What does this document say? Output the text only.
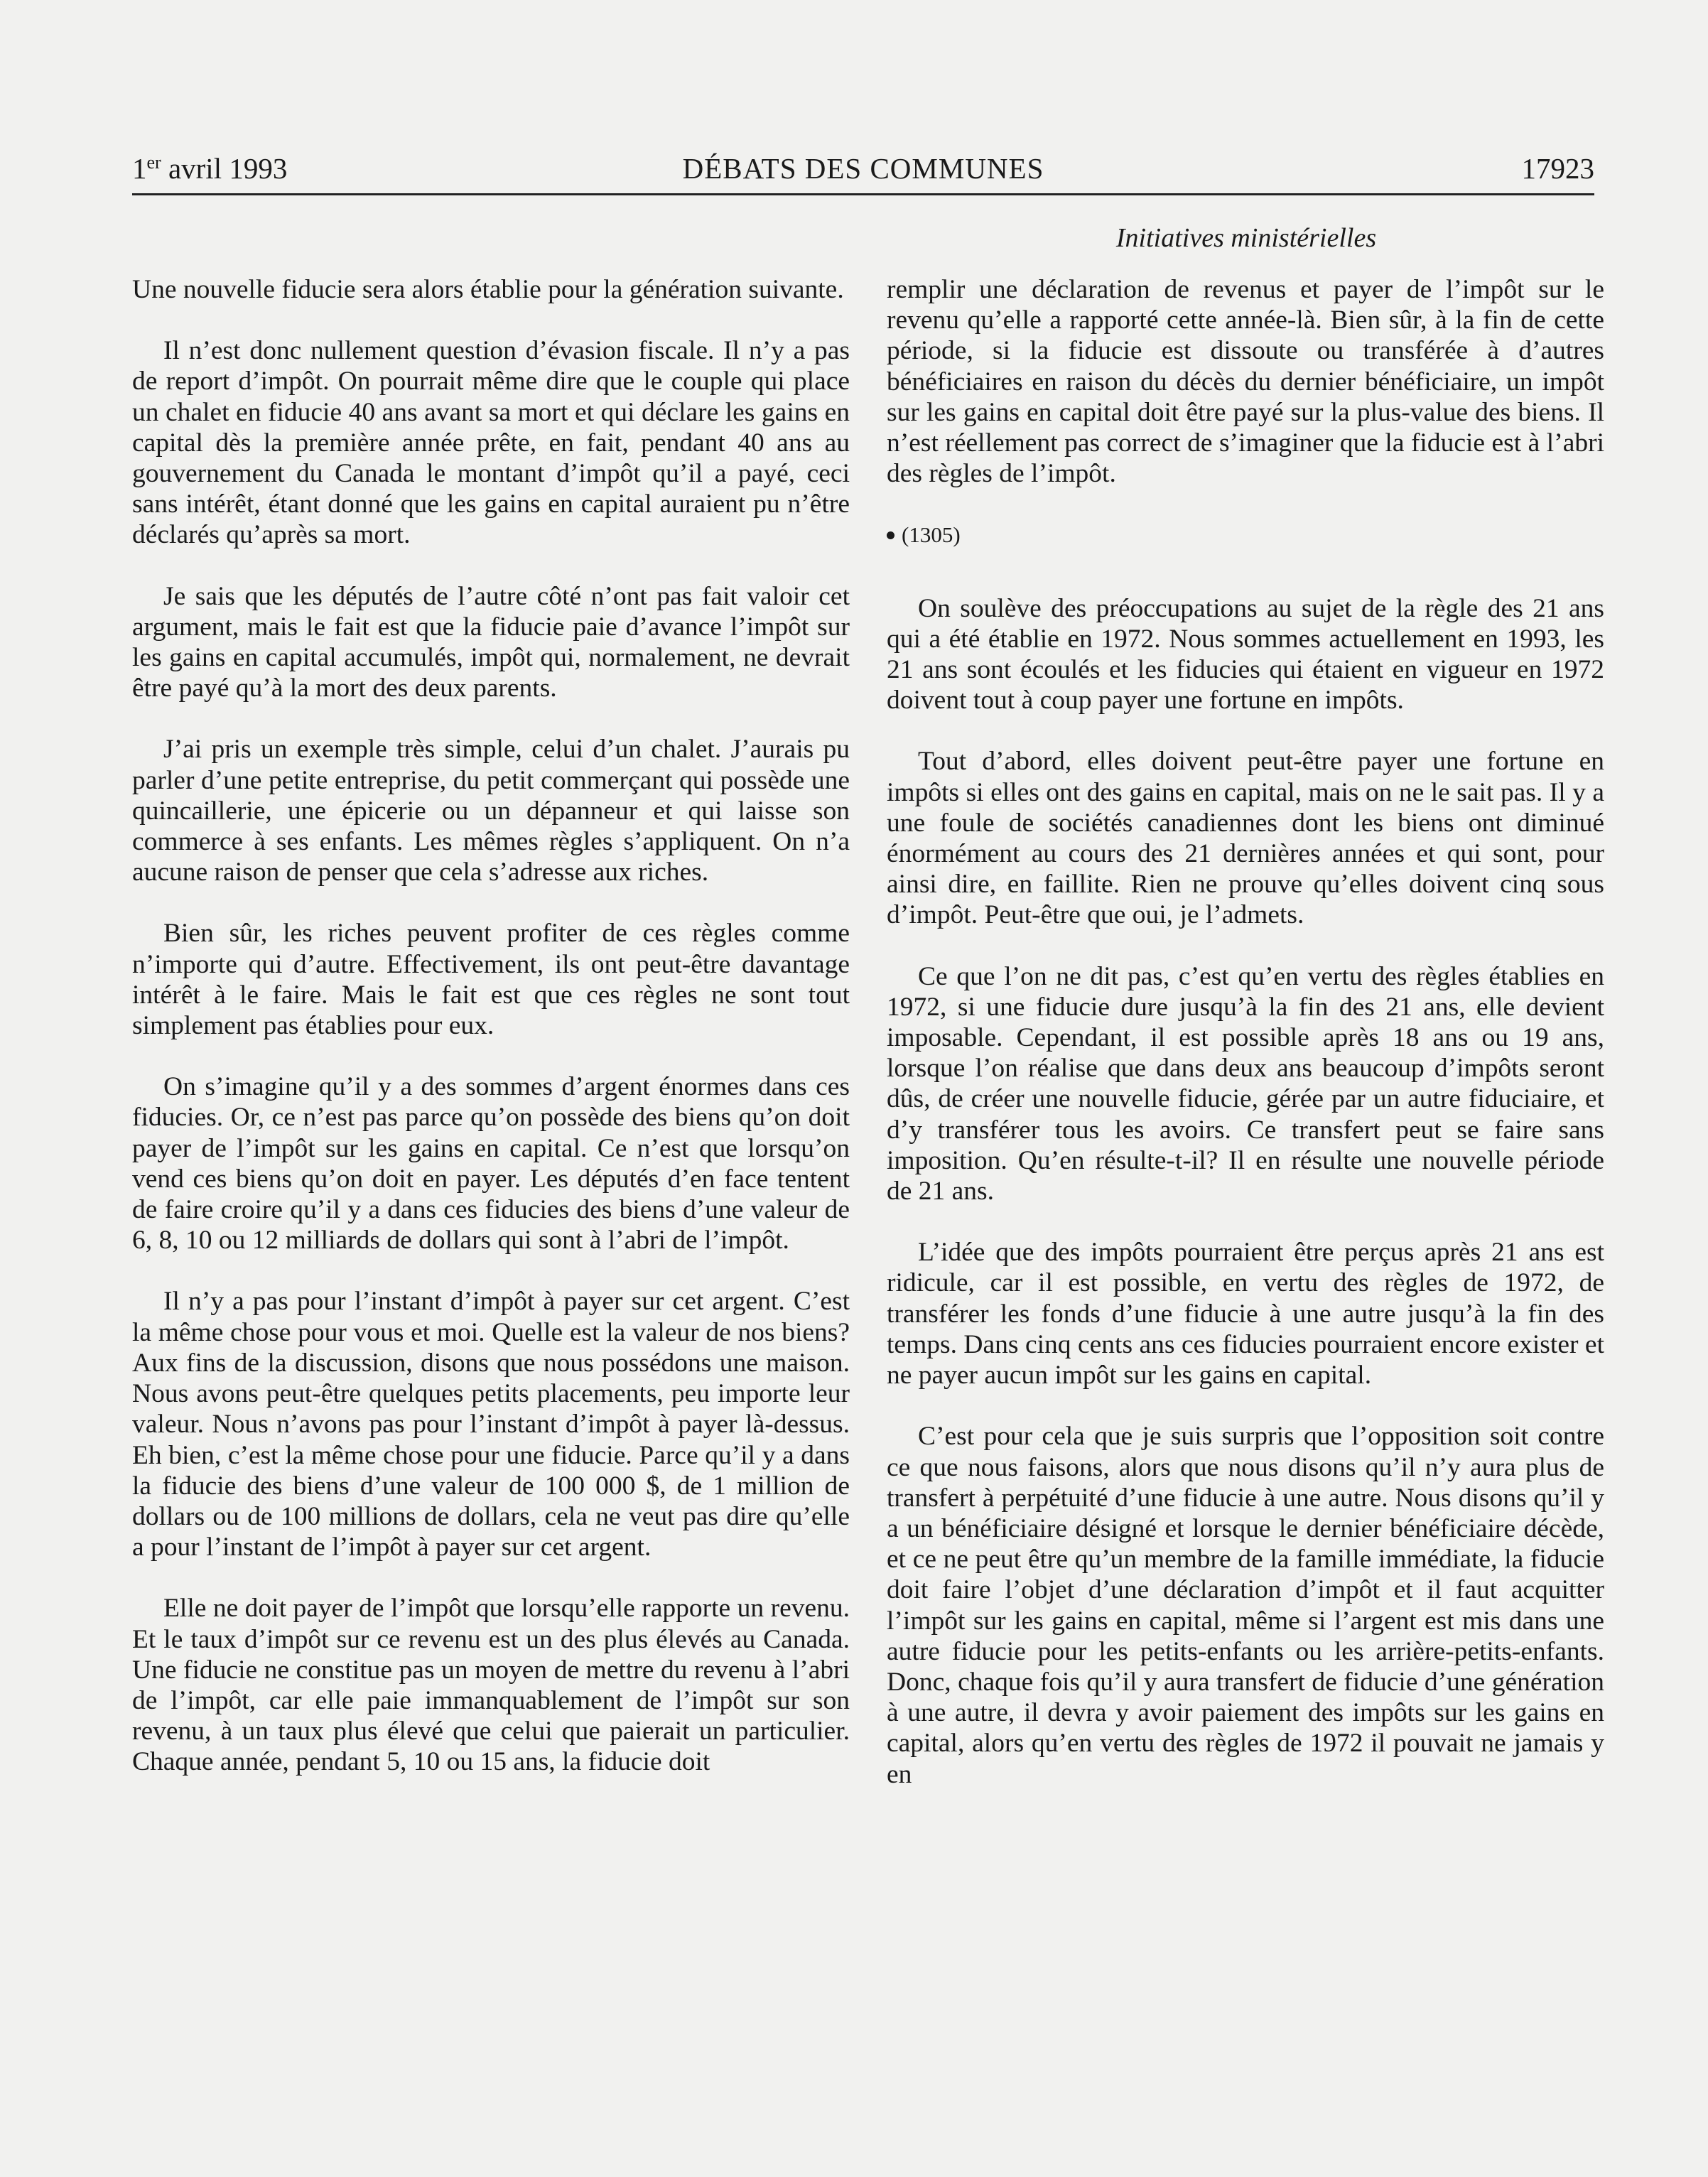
1er avril 1993	DÉBATS DES COMMUNES	17923
Initiatives ministérielles

Une nouvelle fiducie sera alors établie pour la génération suivante.

Il n’est donc nullement question d’évasion fiscale. Il n’y a pas de report d’impôt. On pourrait même dire que le couple qui place un chalet en fiducie 40 ans avant sa mort et qui déclare les gains en capital dès la première année prête, en fait, pendant 40 ans au gouvernement du Canada le montant d’impôt qu’il a payé, ceci sans intérêt, étant donné que les gains en capital auraient pu n’être déclarés qu’après sa mort.

Je sais que les députés de l’autre côté n’ont pas fait valoir cet argument, mais le fait est que la fiducie paie d’avance l’impôt sur les gains en capital accumulés, impôt qui, normalement, ne devrait être payé qu’à la mort des deux parents.

J’ai pris un exemple très simple, celui d’un chalet. J’aurais pu parler d’une petite entreprise, du petit commerçant qui possède une quincaillerie, une épicerie ou un dépanneur et qui laisse son commerce à ses enfants. Les mêmes règles s’appliquent. On n’a aucune raison de penser que cela s’adresse aux riches.

Bien sûr, les riches peuvent profiter de ces règles comme n’importe qui d’autre. Effectivement, ils ont peut-être davantage intérêt à le faire. Mais le fait est que ces règles ne sont tout simplement pas établies pour eux.

On s’imagine qu’il y a des sommes d’argent énormes dans ces fiducies. Or, ce n’est pas parce qu’on possède des biens qu’on doit payer de l’impôt sur les gains en capital. Ce n’est que lorsqu’on vend ces biens qu’on doit en payer. Les députés d’en face tentent de faire croire qu’il y a dans ces fiducies des biens d’une valeur de 6, 8, 10 ou 12 milliards de dollars qui sont à l’abri de l’impôt.

Il n’y a pas pour l’instant d’impôt à payer sur cet argent. C’est la même chose pour vous et moi. Quelle est la valeur de nos biens? Aux fins de la discussion, disons que nous possédons une maison. Nous avons peut-être quelques petits placements, peu importe leur valeur. Nous n’avons pas pour l’instant d’impôt à payer là-dessus. Eh bien, c’est la même chose pour une fiducie. Parce qu’il y a dans la fiducie des biens d’une valeur de 100 000 $, de 1 million de dollars ou de 100 millions de dollars, cela ne veut pas dire qu’elle a pour l’instant de l’impôt à payer sur cet argent.

Elle ne doit payer de l’impôt que lorsqu’elle rapporte un revenu. Et le taux d’impôt sur ce revenu est un des plus élevés au Canada. Une fiducie ne constitue pas un moyen de mettre du revenu à l’abri de l’impôt, car elle paie immanquablement de l’impôt sur son revenu, à un taux plus élevé que celui que paierait un particulier. Chaque année, pendant 5, 10 ou 15 ans, la fiducie doit

remplir une déclaration de revenus et payer de l’impôt sur le revenu qu’elle a rapporté cette année-là. Bien sûr, à la fin de cette période, si la fiducie est dissoute ou transférée à d’autres bénéficiaires en raison du décès du dernier bénéficiaire, un impôt sur les gains en capital doit être payé sur la plus-value des biens. Il n’est réellement pas correct de s’imaginer que la fiducie est à l’abri des règles de l’impôt.

(1305)

On soulève des préoccupations au sujet de la règle des 21 ans qui a été établie en 1972. Nous sommes actuellement en 1993, les 21 ans sont écoulés et les fiducies qui étaient en vigueur en 1972 doivent tout à coup payer une fortune en impôts.

Tout d’abord, elles doivent peut-être payer une fortune en impôts si elles ont des gains en capital, mais on ne le sait pas. Il y a une foule de sociétés canadiennes dont les biens ont diminué énormément au cours des 21 dernières années et qui sont, pour ainsi dire, en faillite. Rien ne prouve qu’elles doivent cinq sous d’impôt. Peut-être que oui, je l’admets.

Ce que l’on ne dit pas, c’est qu’en vertu des règles établies en 1972, si une fiducie dure jusqu’à la fin des 21 ans, elle devient imposable. Cependant, il est possible après 18 ans ou 19 ans, lorsque l’on réalise que dans deux ans beaucoup d’impôts seront dûs, de créer une nouvelle fiducie, gérée par un autre fiduciaire, et d’y transférer tous les avoirs. Ce transfert peut se faire sans imposition. Qu’en résulte-t-il? Il en résulte une nouvelle période de 21 ans.

L’idée que des impôts pourraient être perçus après 21 ans est ridicule, car il est possible, en vertu des règles de 1972, de transférer les fonds d’une fiducie à une autre jusqu’à la fin des temps. Dans cinq cents ans ces fiducies pourraient encore exister et ne payer aucun impôt sur les gains en capital.

C’est pour cela que je suis surpris que l’opposition soit contre ce que nous faisons, alors que nous disons qu’il n’y aura plus de transfert à perpétuité d’une fiducie à une autre. Nous disons qu’il y a un bénéficiaire désigné et lorsque le dernier bénéficiaire décède, et ce ne peut être qu’un membre de la famille immédiate, la fiducie doit faire l’objet d’une déclaration d’impôt et il faut acquitter l’impôt sur les gains en capital, même si l’argent est mis dans une autre fiducie pour les petits-enfants ou les arrière-petits-enfants. Donc, chaque fois qu’il y aura transfert de fiducie d’une génération à une autre, il devra y avoir paiement des impôts sur les gains en capital, alors qu’en vertu des règles de 1972 il pouvait ne jamais y en
